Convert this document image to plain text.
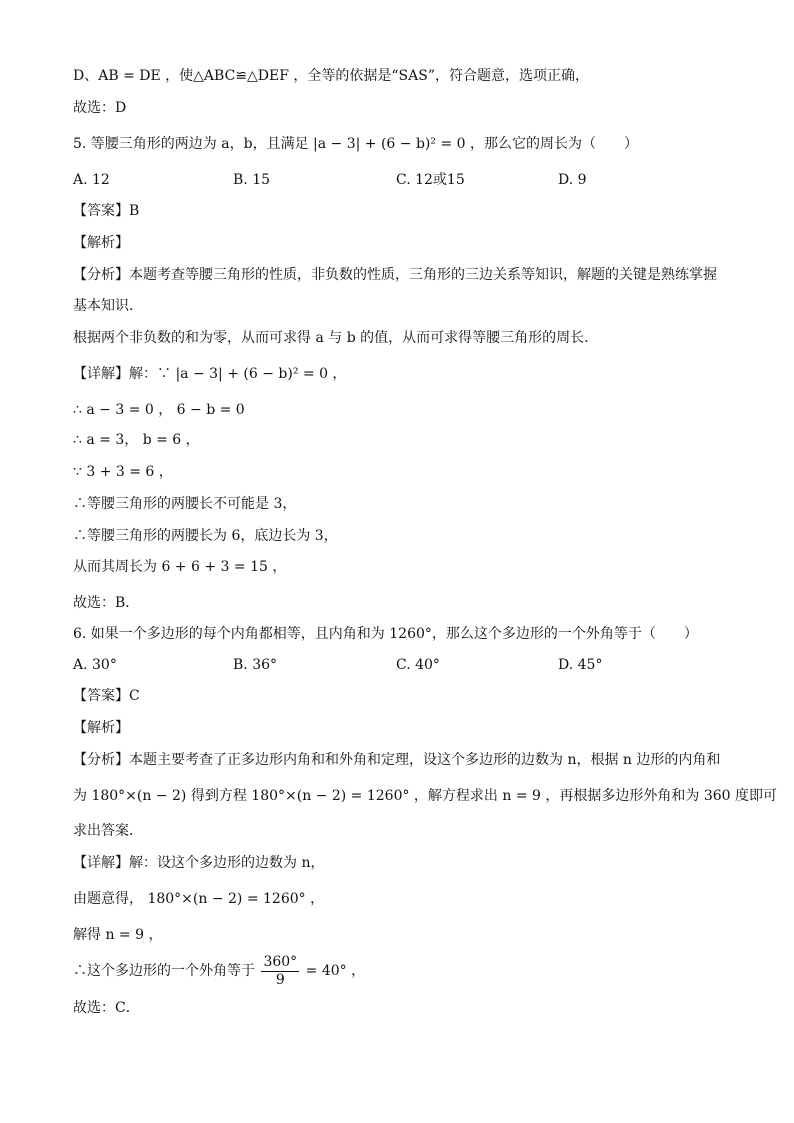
D、AB = DE ，使△ABC≌△DEF ，全等的依据是“SAS”，符合题意，选项正确，
故选：D
5. 等腰三角形的两边为 a，b，且满足 |a − 3| + (6 − b)² = 0 ，那么它的周长为（　　）
A. 12	B. 15	C. 12或15	D. 9
【答案】B
【解析】
【分析】本题考查等腰三角形的性质，非负数的性质，三角形的三边关系等知识，解题的关键是熟练掌握
基本知识．
根据两个非负数的和为零，从而可求得 a 与 b 的值，从而可求得等腰三角形的周长．
【详解】解：∵ |a − 3| + (6 − b)² = 0 ，
∴ a − 3 = 0 ， 6 − b = 0
∴ a = 3， b = 6 ，
∵ 3 + 3 = 6 ，
∴等腰三角形的两腰长不可能是 3，
∴等腰三角形的两腰长为 6，底边长为 3，
从而其周长为 6 + 6 + 3 = 15 ，
故选：B．
6. 如果一个多边形的每个内角都相等，且内角和为 1260°，那么这个多边形的一个外角等于（　　）
A. 30°	B. 36°	C. 40°	D. 45°
【答案】C
【解析】
【分析】本题主要考查了正多边形内角和和外角和定理，设这个多边形的边数为 n，根据 n 边形的内角和
为 180°×(n − 2) 得到方程 180°×(n − 2) = 1260° ，解方程求出 n = 9 ，再根据多边形外角和为 360 度即可
求出答案．
【详解】解：设这个多边形的边数为 n，
由题意得， 180°×(n − 2) = 1260° ，
解得 n = 9 ，
∴这个多边形的一个外角等于 $\frac{360^\circ}{9} = 40^\circ$ ，
故选：C．
